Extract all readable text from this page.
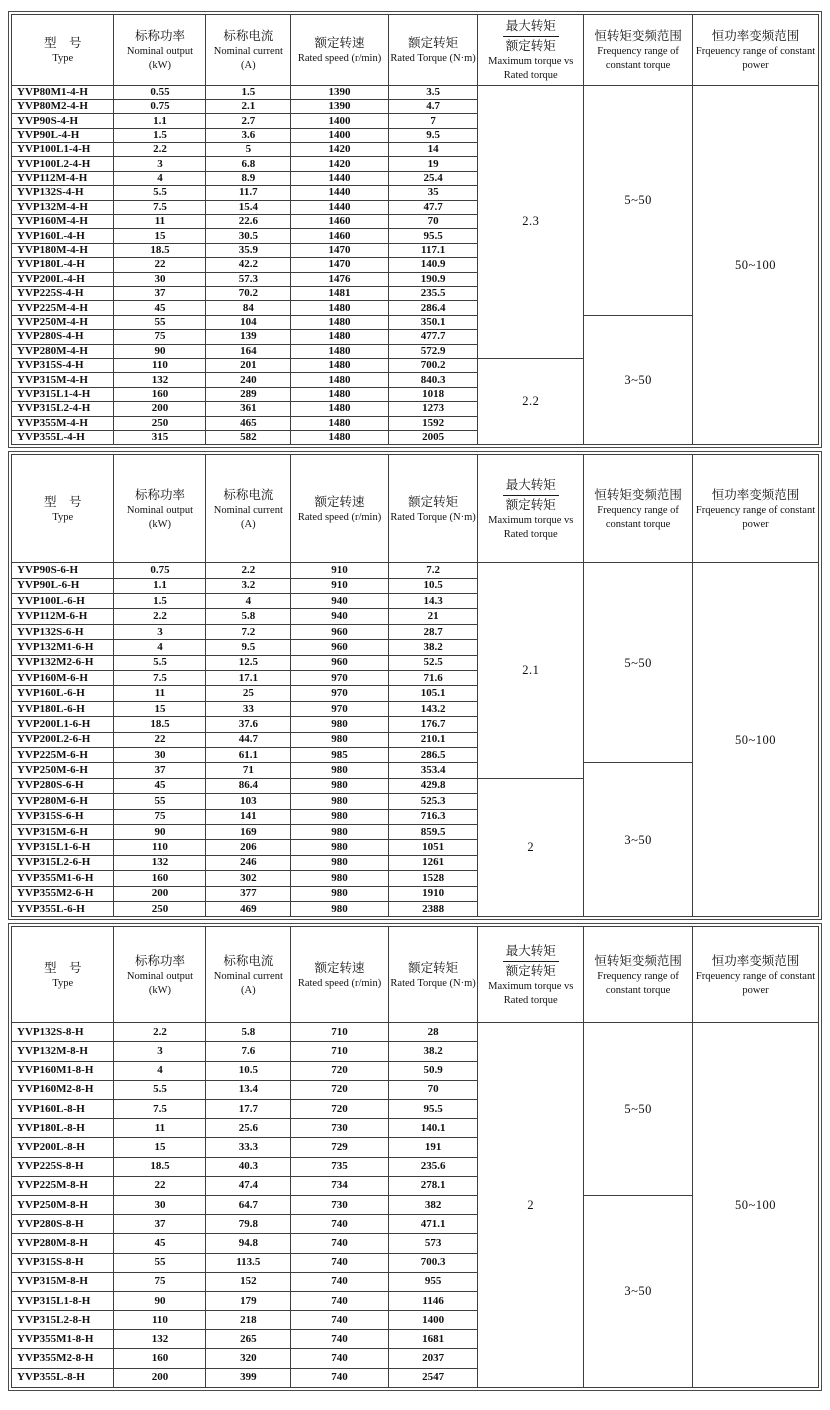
型　号
Type

标称功率
Nominal output (kW)

标称电流
Nominal current (A)

额定转速
Rated speed (r/min)

额定转矩
Rated Torque (N·m)

最大转矩
额定转矩
Maximum torque vs Rated torque

恒转矩变频范围
Frequency range of constant torque

恒功率变频范围
Frqeuency range of constant power

YVP80M1-4-H	0.55	1.5	1390	3.5	2.3	5~50	50~100
YVP80M2-4-H	0.75	2.1	1390	4.7			
YVP90S-4-H	1.1	2.7	1400	7			
YVP90L-4-H	1.5	3.6	1400	9.5			
YVP100L1-4-H	2.2	5	1420	14			
YVP100L2-4-H	3	6.8	1420	19			
YVP112M-4-H	4	8.9	1440	25.4			
YVP132S-4-H	5.5	11.7	1440	35			
YVP132M-4-H	7.5	15.4	1440	47.7			
YVP160M-4-H	11	22.6	1460	70			
YVP160L-4-H	15	30.5	1460	95.5			
YVP180M-4-H	18.5	35.9	1470	117.1			
YVP180L-4-H	22	42.2	1470	140.9			
YVP200L-4-H	30	57.3	1476	190.9			
YVP225S-4-H	37	70.2	1481	235.5			
YVP225M-4-H	45	84	1480	286.4			
YVP250M-4-H	55	104	1480	350.1		3~50	
YVP280S-4-H	75	139	1480	477.7			
YVP280M-4-H	90	164	1480	572.9			
YVP315S-4-H	110	201	1480	700.2	2.2		
YVP315M-4-H	132	240	1480	840.3			
YVP315L1-4-H	160	289	1480	1018			
YVP315L2-4-H	200	361	1480	1273			
YVP355M-4-H	250	465	1480	1592			
YVP355L-4-H	315	582	1480	2005			
型　号
Type

标称功率
Nominal output (kW)

标称电流
Nominal current (A)

额定转速
Rated speed (r/min)

额定转矩
Rated Torque (N·m)

最大转矩
额定转矩
Maximum torque vs Rated torque

恒转矩变频范围
Frequency range of constant torque

恒功率变频范围
Frqeuency range of constant power

YVP90S-6-H	0.75	2.2	910	7.2	2.1	5~50	50~100
YVP90L-6-H	1.1	3.2	910	10.5			
YVP100L-6-H	1.5	4	940	14.3			
YVP112M-6-H	2.2	5.8	940	21			
YVP132S-6-H	3	7.2	960	28.7			
YVP132M1-6-H	4	9.5	960	38.2			
YVP132M2-6-H	5.5	12.5	960	52.5			
YVP160M-6-H	7.5	17.1	970	71.6			
YVP160L-6-H	11	25	970	105.1			
YVP180L-6-H	15	33	970	143.2			
YVP200L1-6-H	18.5	37.6	980	176.7			
YVP200L2-6-H	22	44.7	980	210.1			
YVP225M-6-H	30	61.1	985	286.5			
YVP250M-6-H	37	71	980	353.4		3~50	
YVP280S-6-H	45	86.4	980	429.8	2		
YVP280M-6-H	55	103	980	525.3			
YVP315S-6-H	75	141	980	716.3			
YVP315M-6-H	90	169	980	859.5			
YVP315L1-6-H	110	206	980	1051			
YVP315L2-6-H	132	246	980	1261			
YVP355M1-6-H	160	302	980	1528			
YVP355M2-6-H	200	377	980	1910			
YVP355L-6-H	250	469	980	2388			
型　号
Type

标称功率
Nominal output (kW)

标称电流
Nominal current (A)

额定转速
Rated speed (r/min)

额定转矩
Rated Torque (N·m)

最大转矩
额定转矩
Maximum torque vs Rated torque

恒转矩变频范围
Frequency range of constant torque

恒功率变频范围
Frqeuency range of constant power

YVP132S-8-H	2.2	5.8	710	28	2	5~50	50~100
YVP132M-8-H	3	7.6	710	38.2			
YVP160M1-8-H	4	10.5	720	50.9			
YVP160M2-8-H	5.5	13.4	720	70			
YVP160L-8-H	7.5	17.7	720	95.5			
YVP180L-8-H	11	25.6	730	140.1			
YVP200L-8-H	15	33.3	729	191			
YVP225S-8-H	18.5	40.3	735	235.6			
YVP225M-8-H	22	47.4	734	278.1			
YVP250M-8-H	30	64.7	730	382		3~50	
YVP280S-8-H	37	79.8	740	471.1			
YVP280M-8-H	45	94.8	740	573			
YVP315S-8-H	55	113.5	740	700.3			
YVP315M-8-H	75	152	740	955			
YVP315L1-8-H	90	179	740	1146			
YVP315L2-8-H	110	218	740	1400			
YVP355M1-8-H	132	265	740	1681			
YVP355M2-8-H	160	320	740	2037			
YVP355L-8-H	200	399	740	2547			
